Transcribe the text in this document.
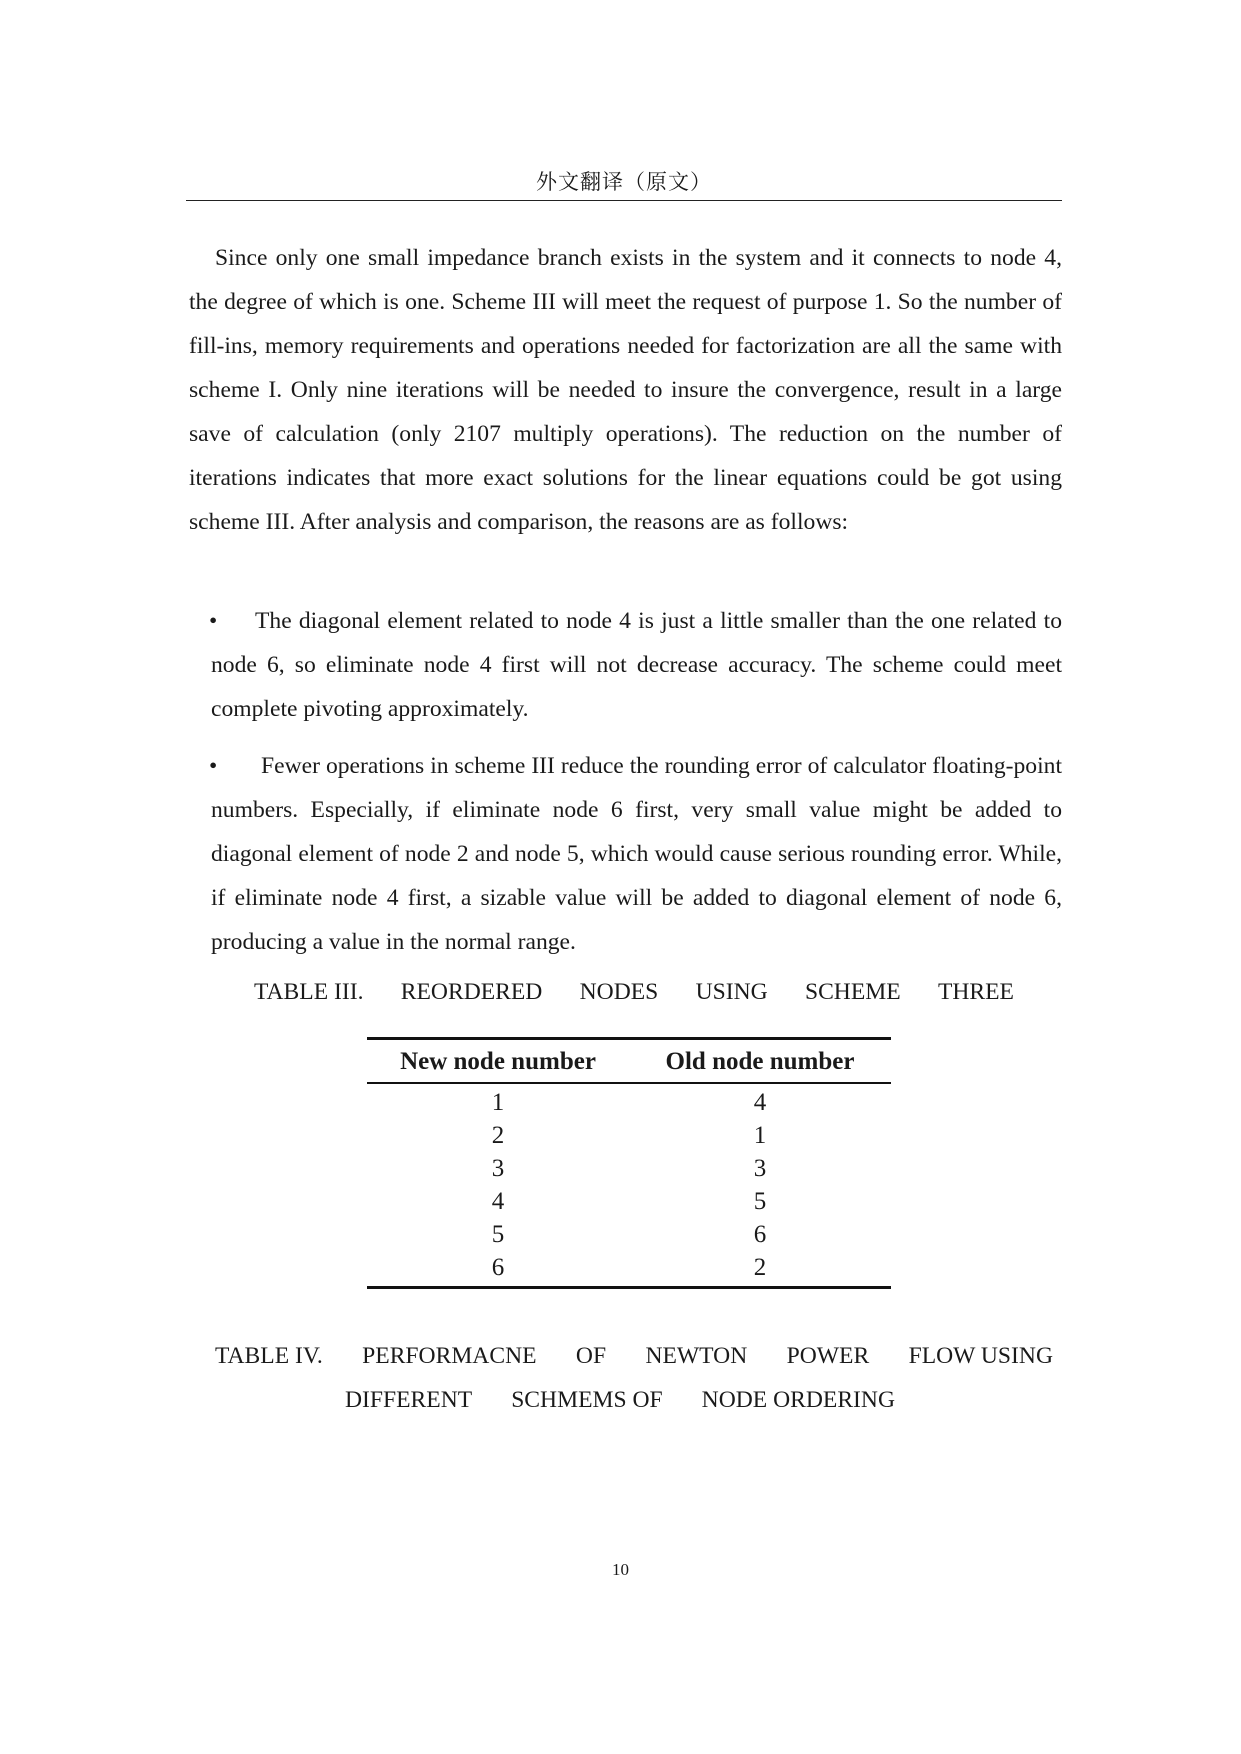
外文翻译（原文）
Since only one small impedance branch exists in the system and it connects to node 4, the degree of which is one. Scheme III will meet the request of purpose 1. So the number of fill-ins, memory requirements and operations needed for factorization are all the same with scheme I. Only nine iterations will be needed to insure the convergence, result in a large save of calculation (only 2107 multiply operations). The reduction on the number of iterations indicates that more exact solutions for the linear equations could be got using scheme III. After analysis and comparison, the reasons are as follows:
•	The diagonal element related to node 4 is just a little smaller than the one related to node 6, so eliminate node 4 first will not decrease accuracy. The scheme could meet complete pivoting approximately.
•	Fewer operations in scheme III reduce the rounding error of calculator floating-point numbers. Especially, if eliminate node 6 first, very small value might be added to diagonal element of node 2 and node 5, which would cause serious rounding error. While, if eliminate node 4 first, a sizable value will be added to diagonal element of node 6, producing a value in the normal range.
TABLE III. REORDERED NODES USING SCHEME THREE
New node number	Old node number
1	4
2	1
3	3
4	5
5	6
6	2
TABLE IV. PERFORMACNE OF NEWTON POWER FLOW USING
DIFFERENT SCHMEMS OF NODE ORDERING
10
